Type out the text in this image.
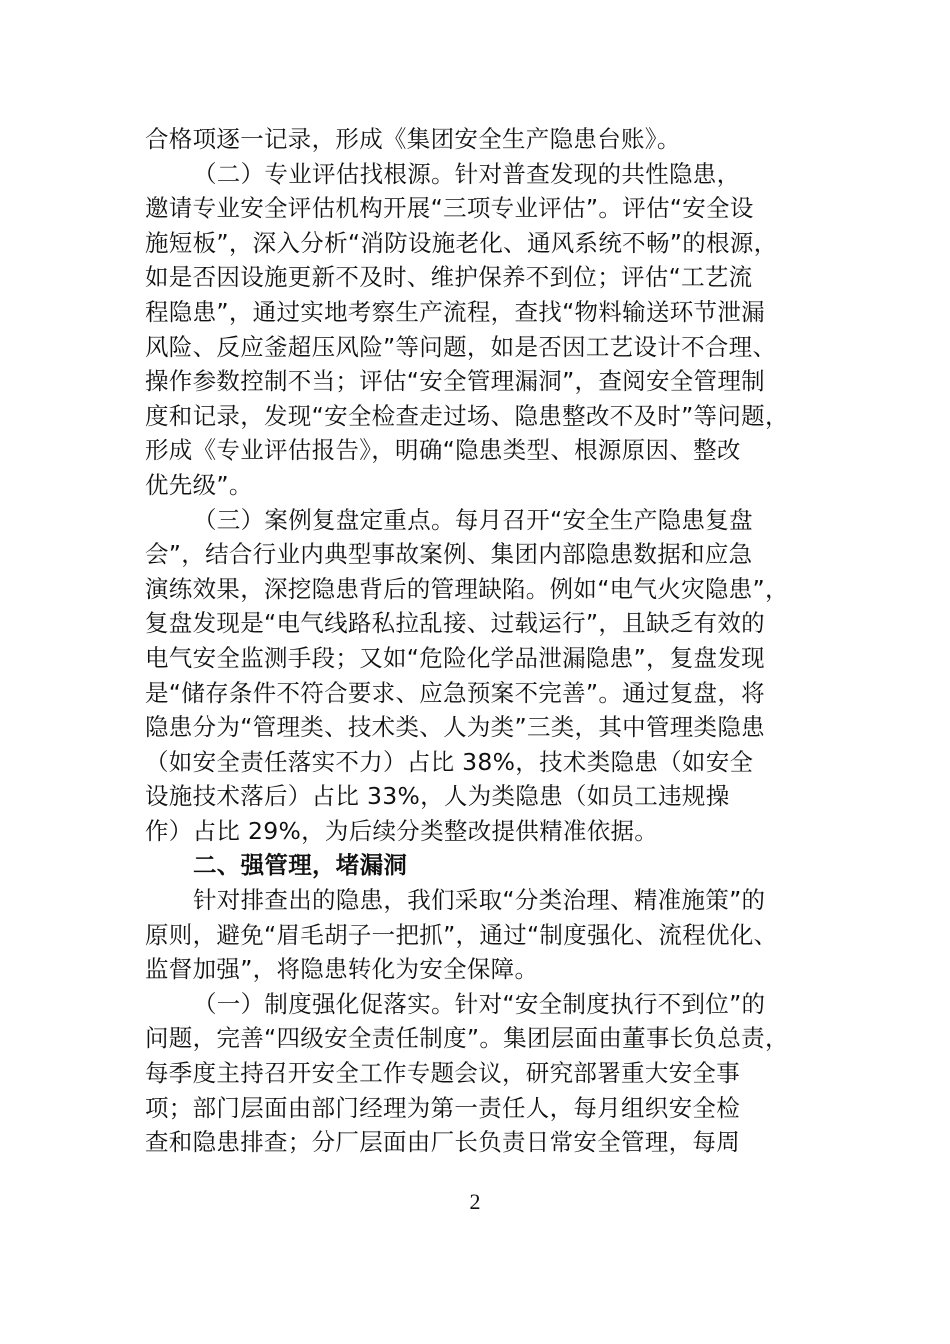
合格项逐一记录，形成《集团安全生产隐患台账》。
（二）专业评估找根源。针对普查发现的共性隐患，
邀请专业安全评估机构开展“三项专业评估”。评估“安全设
施短板”，深入分析“消防设施老化、通风系统不畅”的根源，
如是否因设施更新不及时、维护保养不到位；评估“工艺流
程隐患”，通过实地考察生产流程，查找“物料输送环节泄漏
风险、反应釜超压风险”等问题，如是否因工艺设计不合理、
操作参数控制不当；评估“安全管理漏洞”，查阅安全管理制
度和记录，发现“安全检查走过场、隐患整改不及时”等问题，
形成《专业评估报告》，明确“隐患类型、根源原因、整改
优先级”。
（三）案例复盘定重点。每月召开“安全生产隐患复盘
会”，结合行业内典型事故案例、集团内部隐患数据和应急
演练效果，深挖隐患背后的管理缺陷。例如“电气火灾隐患”，
复盘发现是“电气线路私拉乱接、过载运行”，且缺乏有效的
电气安全监测手段；又如“危险化学品泄漏隐患”，复盘发现
是“储存条件不符合要求、应急预案不完善”。通过复盘，将
隐患分为“管理类、技术类、人为类”三类，其中管理类隐患
（如安全责任落实不力）占比 38%，技术类隐患（如安全
设施技术落后）占比 33%，人为类隐患（如员工违规操
作）占比 29%，为后续分类整改提供精准依据。
二、强管理，堵漏洞
针对排查出的隐患，我们采取“分类治理、精准施策”的
原则，避免“眉毛胡子一把抓”，通过“制度强化、流程优化、
监督加强”，将隐患转化为安全保障。
（一）制度强化促落实。针对“安全制度执行不到位”的
问题，完善“四级安全责任制度”。集团层面由董事长负总责，
每季度主持召开安全工作专题会议，研究部署重大安全事
项；部门层面由部门经理为第一责任人，每月组织安全检
查和隐患排查；分厂层面由厂长负责日常安全管理，每周
2
